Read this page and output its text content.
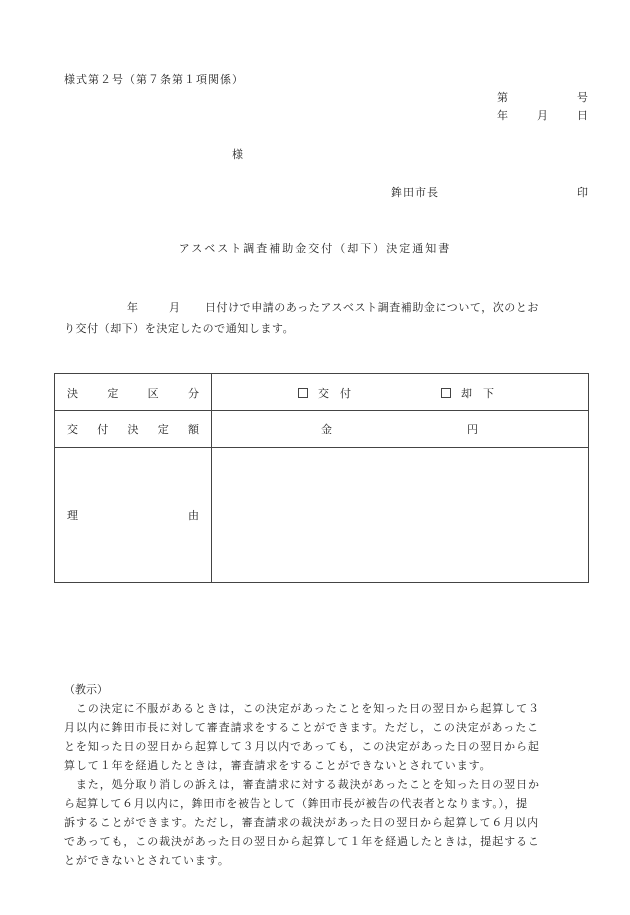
様式第２号（第７条第１項関係）
第	号
年	月	日
様
鉾田市長	印
アスベスト調査補助金交付（却下）決定通知書
年	月 日付けで申請のあったアスベスト調査補助金について，次のとお
り交付（却下）を決定したので通知します。
決	定	区	分	交　付	却　下
交 付 決 定 額	金	円
理	由
（教示）
　この決定に不服があるときは，この決定があったことを知った日の翌日から起算して３
月以内に鉾田市長に対して審査請求をすることができます。ただし，この決定があったこ
とを知った日の翌日から起算して３月以内であっても，この決定があった日の翌日から起
算して１年を経過したときは，審査請求をすることができないとされています。
　また，処分取り消しの訴えは，審査請求に対する裁決があったことを知った日の翌日か
ら起算して６月以内に，鉾田市を被告として（鉾田市長が被告の代表者となります。），提
訴することができます。ただし，審査請求の裁決があった日の翌日から起算して６月以内
であっても，この裁決があった日の翌日から起算して１年を経過したときは，提起するこ
とができないとされています。
